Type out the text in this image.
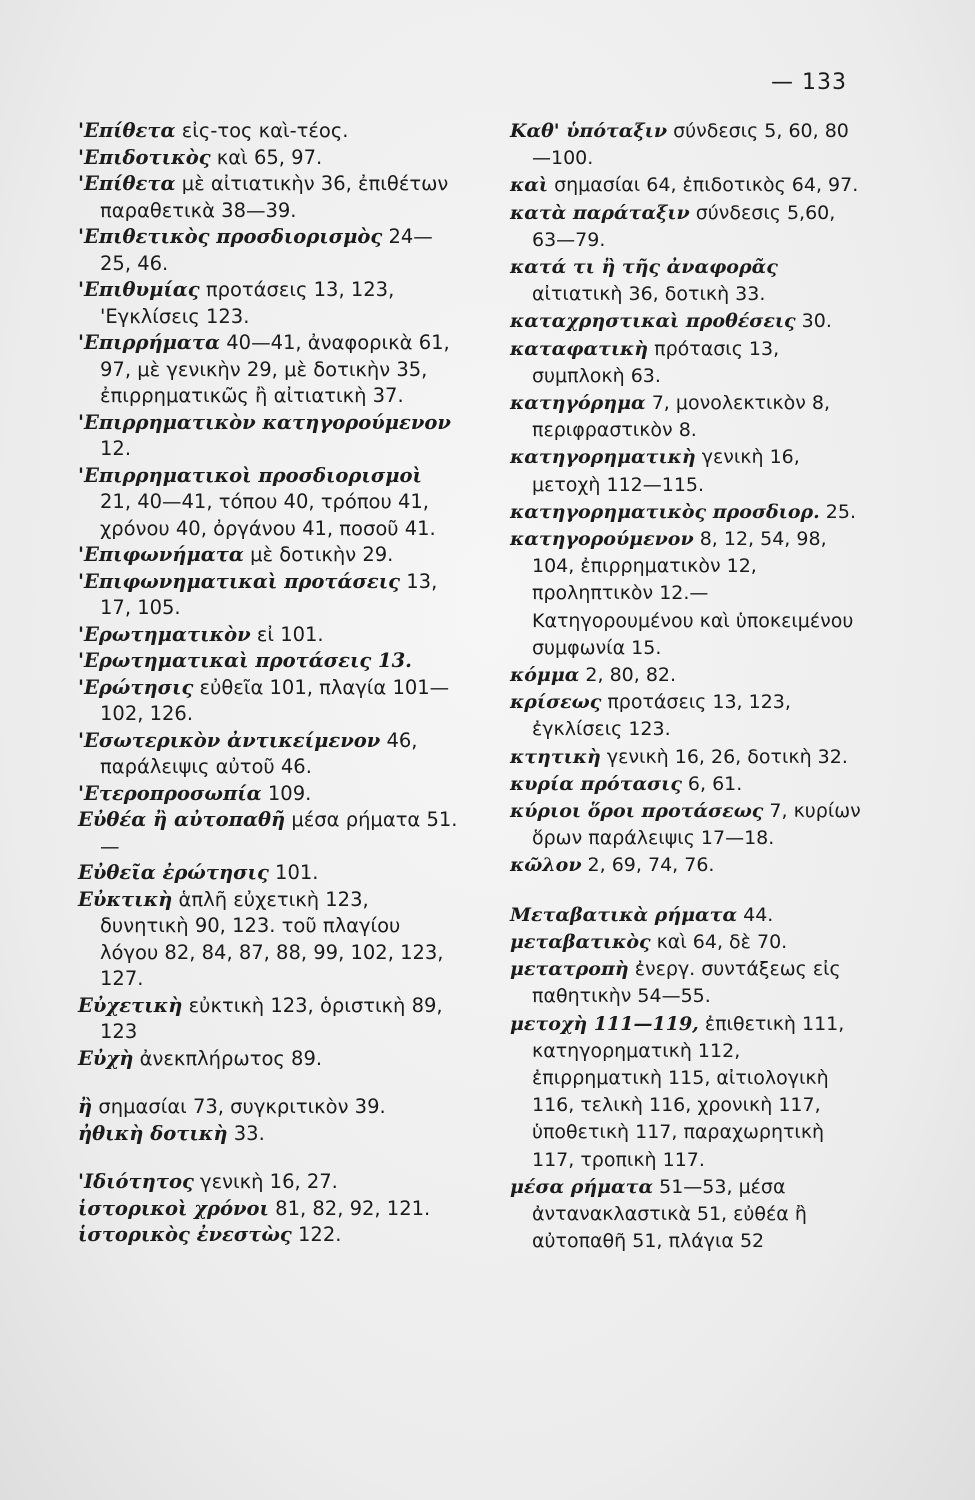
— 133

'Επίθετα εἰς-τος καὶ-τέος.

'Επιδοτικὸς καὶ 65, 97.

'Επίθετα μὲ αἰτιατικὴν 36, ἐπιθέτων παραθετικὰ 38—39.

'Επιθετικὸς προσδιορισμὸς 24—25, 46.

'Επιθυμίας προτάσεις 13, 123, 'Εγκλίσεις 123.

'Επιρρήματα 40—41, ἀναφορικὰ 61, 97, μὲ γενικὴν 29, μὲ δοτικὴν 35, ἐπιρρηματικῶς ἢ αἰτιατικὴ 37.

'Επιρρηματικὸν κατηγορούμενον 12.

'Επιρρηματικοὶ προσδιορισμοὶ 21, 40—41, τόπου 40, τρόπου 41, χρόνου 40, ὀργάνου 41, ποσοῦ 41.

'Επιφωνήματα μὲ δοτικὴν 29.

'Επιφωνηματικαὶ προτάσεις 13, 17, 105.

'Ερωτηματικὸν εἰ 101.

'Ερωτηματικαὶ προτάσεις 13.

'Ερώτησις εὐθεῖα 101, πλαγία 101—102, 126.

'Εσωτερικὸν ἀντικείμενον 46, παράλειψις αὐτοῦ 46.

'Ετεροπροσωπία 109.

Εὐθέα ἢ αὐτοπαθῆ μέσα ρήματα 51.—

Εὐθεῖα ἐρώτησις 101.

Εὐκτικὴ ἁπλῆ εὐχετικὴ 123, δυνητικὴ 90, 123. τοῦ πλαγίου λόγου 82, 84, 87, 88, 99, 102, 123, 127.

Εὐχετικὴ εὐκτικὴ 123, ὁριστικὴ 89, 123

Εὐχὴ ἀνεκπλήρωτος 89.

ἢ σημασίαι 73, συγκριτικὸν 39.

ἠθικὴ δοτικὴ 33.

'Ιδιότητος γενικὴ 16, 27.

ἱστορικοὶ χρόνοι 81, 82, 92, 121.

ἱστορικὸς ἐνεστὼς 122.

Καθ' ὑπόταξιν σύνδεσις 5, 60, 80—100.

καὶ σημασίαι 64, ἐπιδοτικὸς 64, 97.

κατὰ παράταξιν σύνδεσις 5,60, 63—79.

κατά τι ἢ τῆς ἀναφορᾶς αἰτιατικὴ 36, δοτικὴ 33.

καταχρηστικαὶ προθέσεις 30.

καταφατικὴ πρότασις 13, συμπλοκὴ 63.

κατηγόρημα 7, μονολεκτικὸν 8, περιφραστικὸν 8.

κατηγορηματικὴ γενικὴ 16, μετοχὴ 112—115.

κατηγορηματικὸς προσδιορ. 25.

κατηγορούμενον 8, 12, 54, 98, 104, ἐπιρρηματικὸν 12, προληπτικὸν 12.—Κατηγορουμένου καὶ ὑποκειμένου συμφωνία 15.

κόμμα 2, 80, 82.

κρίσεως προτάσεις 13, 123, ἐγκλίσεις 123.

κτητικὴ γενικὴ 16, 26, δοτικὴ 32.

κυρία πρότασις 6, 61.

κύριοι ὅροι προτάσεως 7, κυρίων ὅρων παράλειψις 17—18.

κῶλον 2, 69, 74, 76.

Μεταβατικὰ ρήματα 44.

μεταβατικὸς καὶ 64, δὲ 70.

μετατροπὴ ἐνεργ. συντάξεως εἰς παθητικὴν 54—55.

μετοχὴ 111—119, ἐπιθετικὴ 111, κατηγορηματικὴ 112, ἐπιρρηματικὴ 115, αἰτιολογικὴ 116, τελικὴ 116, χρονικὴ 117, ὑποθετικὴ 117, παραχωρητικὴ 117, τροπικὴ 117.

μέσα ρήματα 51—53, μέσα ἀντανακλαστικὰ 51, εὐθέα ἢ αὐτοπαθῆ 51, πλάγια 52
